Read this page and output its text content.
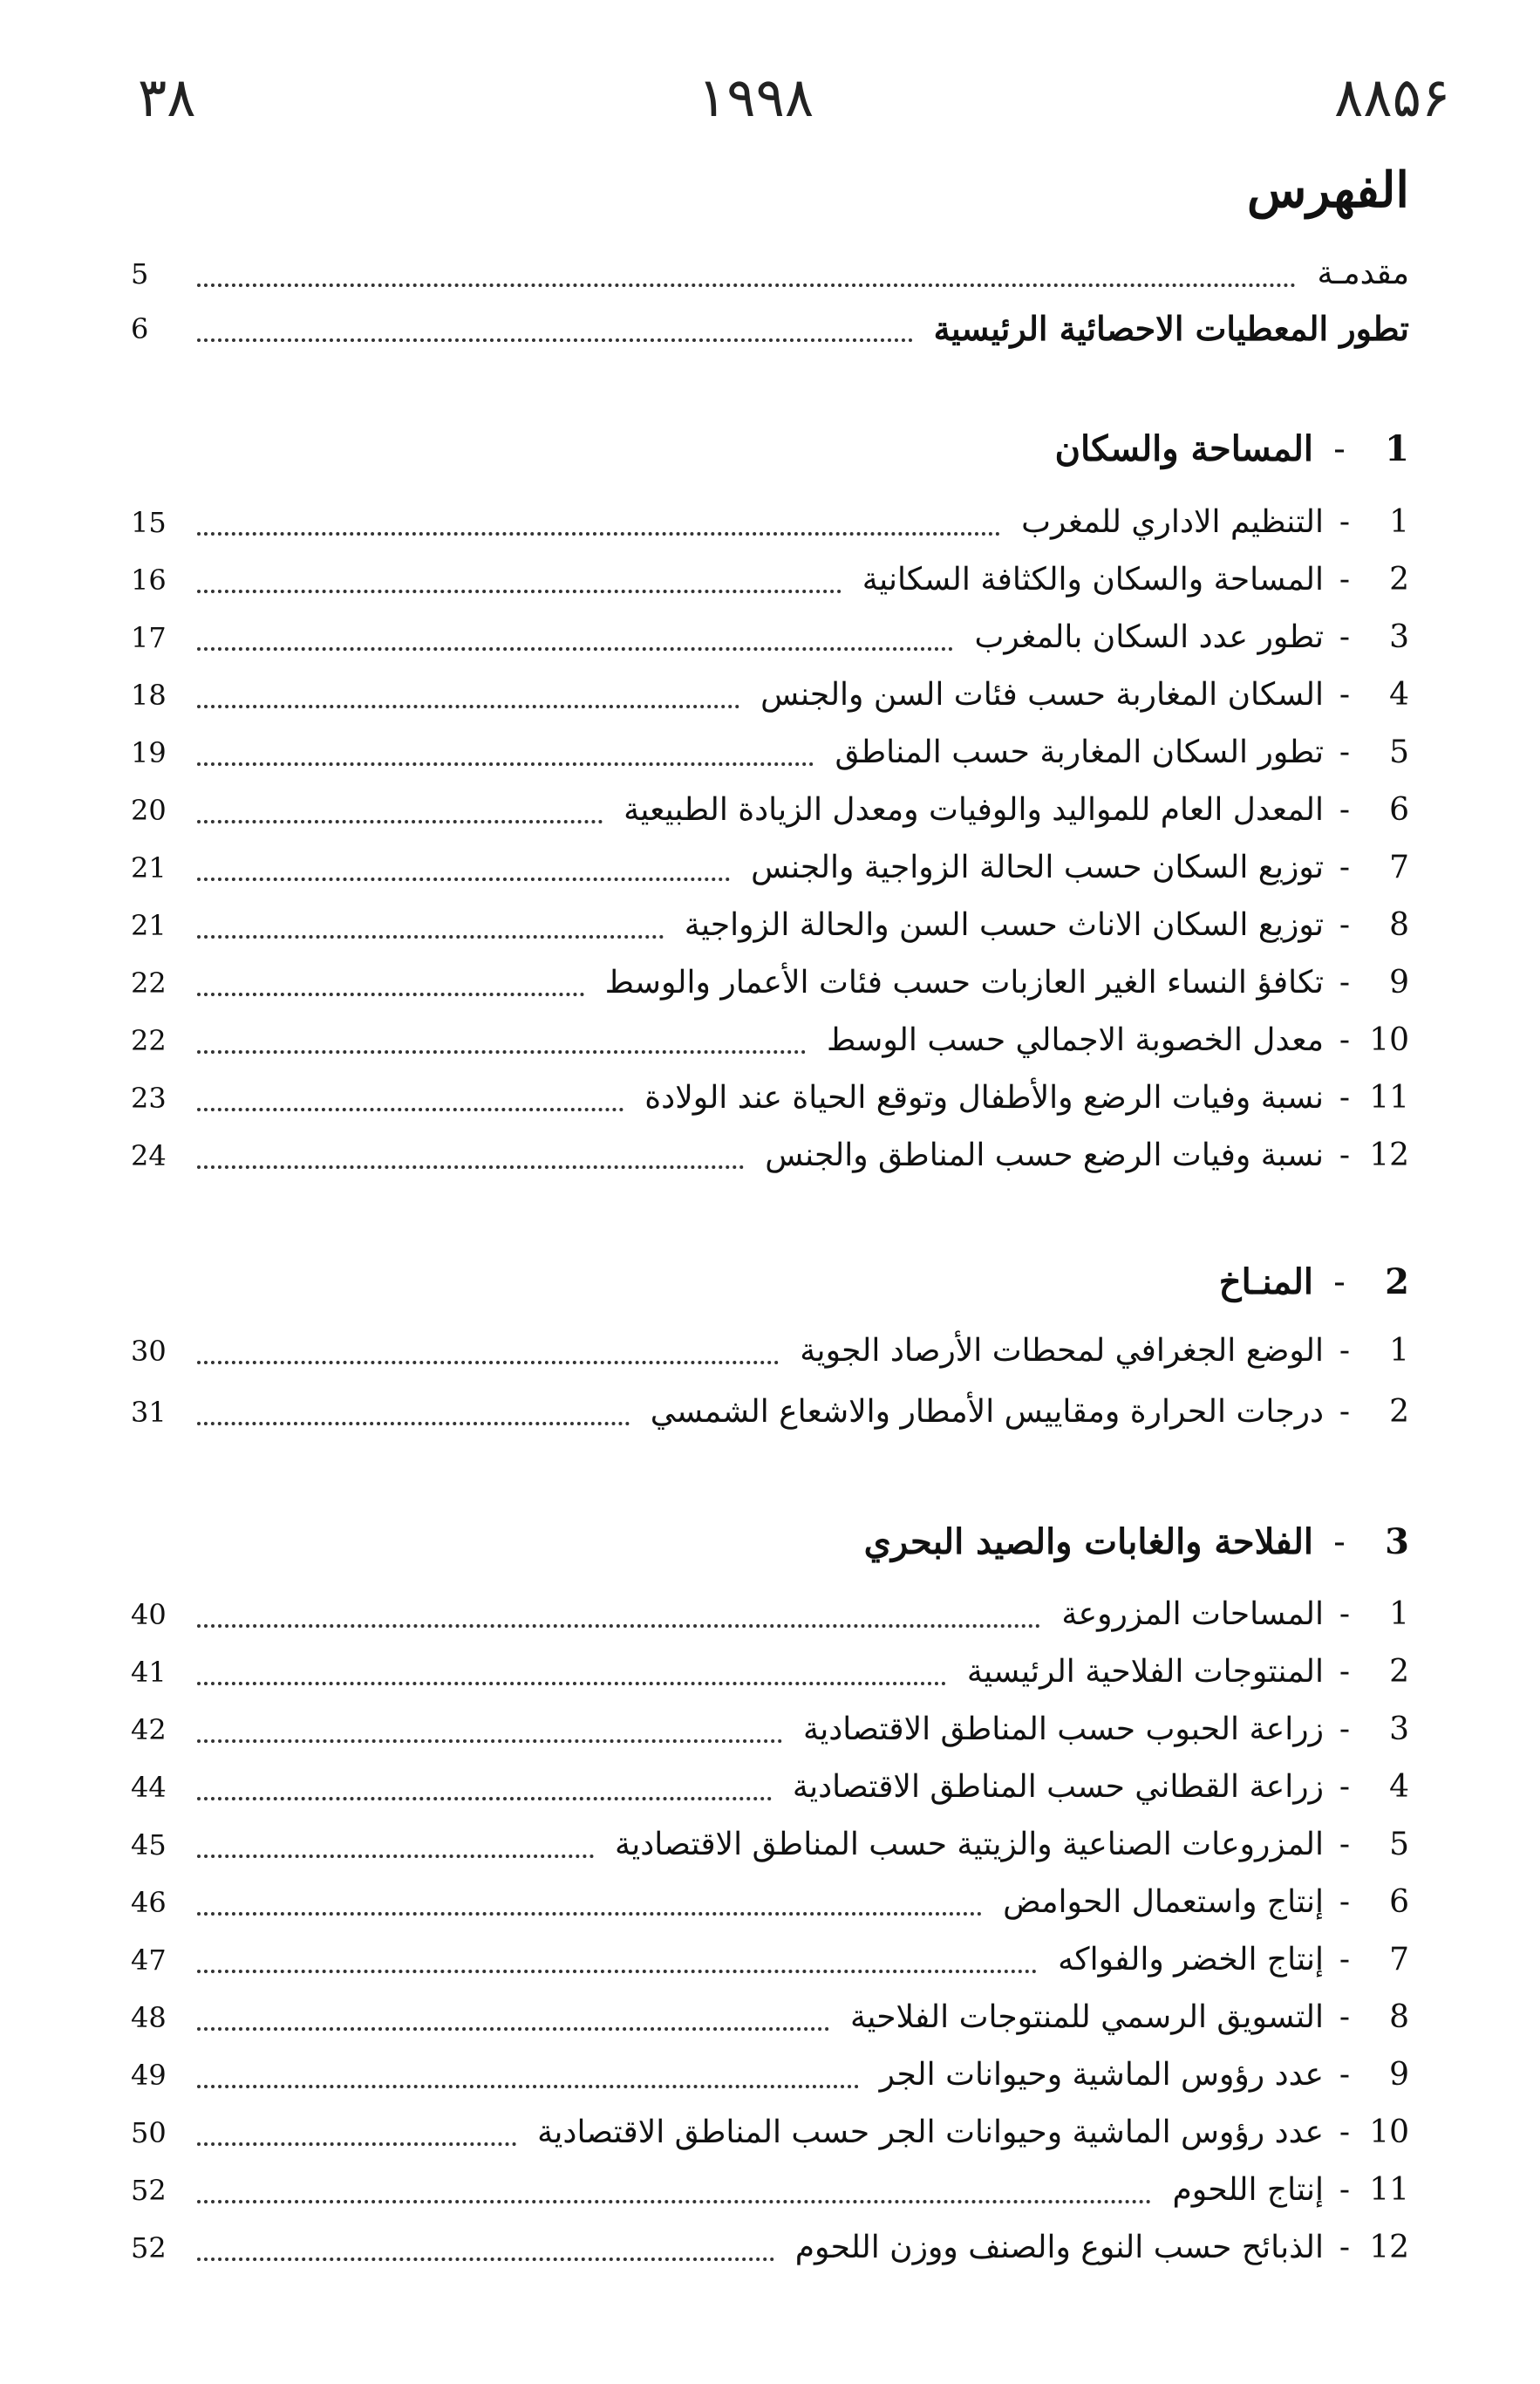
۳۸	۱۹۹۸	۸۸۵۶
الفهرس
مقدمـة
5
تطور المعطيات الاحصائية الرئيسية
6
1
-
المساحة والسكان
1
-
التنظيم الاداري للمغرب
15
2
-
المساحة والسكان والكثافة السكانية
16
3
-
تطور عدد السكان بالمغرب
17
4
-
السكان المغاربة حسب فئات السن والجنس
18
5
-
تطور السكان المغاربة حسب المناطق
19
6
-
المعدل العام للمواليد والوفيات ومعدل الزيادة الطبيعية
20
7
-
توزيع السكان حسب الحالة الزواجية والجنس
21
8
-
توزيع السكان الاناث حسب السن والحالة الزواجية
21
9
-
تكافؤ النساء الغير العازبات حسب فئات الأعمار والوسط
22
10
-
معدل الخصوبة الاجمالي حسب الوسط
22
11
-
نسبة وفيات الرضع والأطفال وتوقع الحياة عند الولادة
23
12
-
نسبة وفيات الرضع حسب المناطق والجنس
24
2
-
المنـاخ
1
-
الوضع الجغرافي لمحطات الأرصاد الجوية
30
2
-
درجات الحرارة ومقاييس الأمطار والاشعاع الشمسي
31
3
-
الفلاحة والغابات والصيد البحري
1
-
المساحات المزروعة
40
2
-
المنتوجات الفلاحية الرئيسية
41
3
-
زراعة الحبوب حسب المناطق الاقتصادية
42
4
-
زراعة القطاني حسب المناطق الاقتصادية
44
5
-
المزروعات الصناعية والزيتية حسب المناطق الاقتصادية
45
6
-
إنتاج واستعمال الحوامض
46
7
-
إنتاج الخضر والفواكه
47
8
-
التسويق الرسمي للمنتوجات الفلاحية
48
9
-
عدد رؤوس الماشية وحيوانات الجر
49
10
-
عدد رؤوس الماشية وحيوانات الجر حسب المناطق الاقتصادية
50
11
-
إنتاج اللحوم
52
12
-
الذبائح حسب النوع والصنف ووزن اللحوم
52
